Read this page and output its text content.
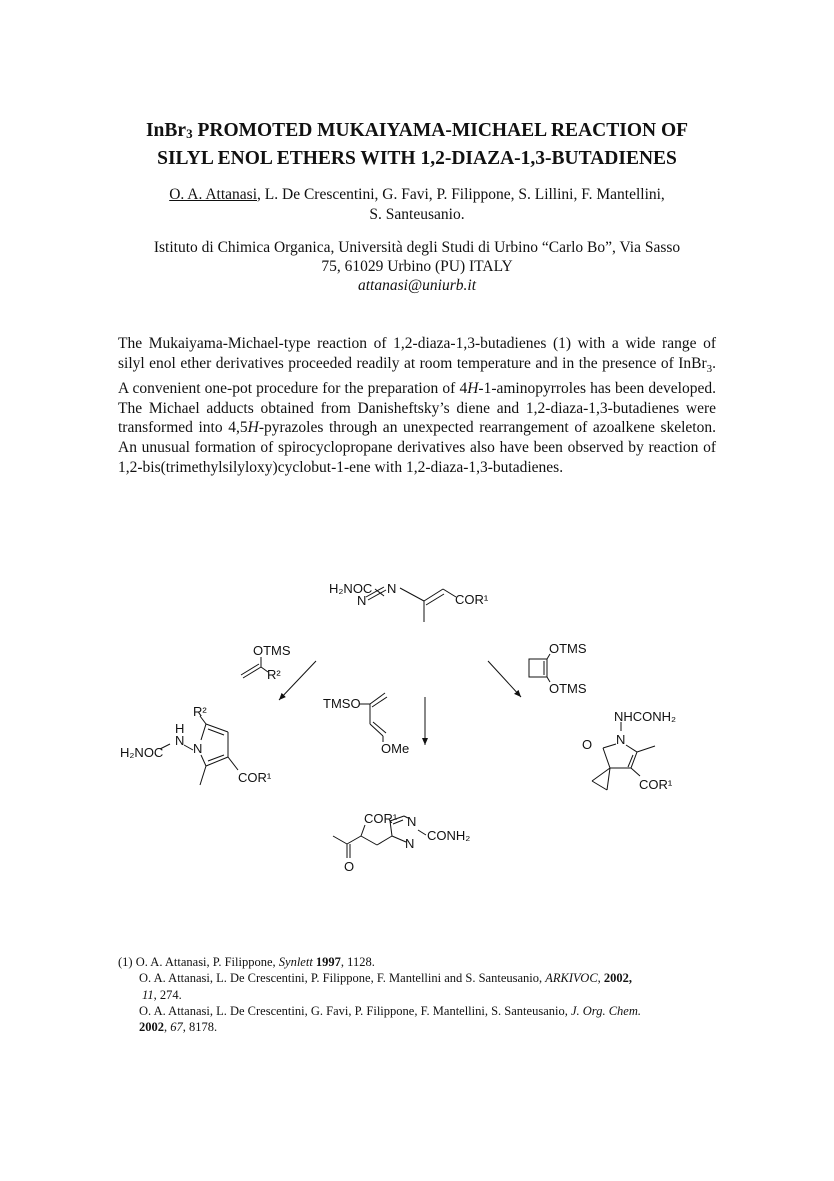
InBr$_3$ PROMOTED MUKAIYAMA-MICHAEL REACTION OF
SILYL ENOL ETHERS WITH 1,2-DIAZA-1,3-BUTADIENES
O. A. Attanasi, L. De Crescentini, G. Favi, P. Filippone, S. Lillini, F. Mantellini,
S. Santeusanio.
Istituto di Chimica Organica, Università degli Studi di Urbino “Carlo Bo”, Via Sasso
75, 61029 Urbino (PU) ITALY
attanasi@uniurb.it
The Mukaiyama-Michael-type reaction of 1,2-diaza-1,3-butadienes (1) with a wide range of silyl enol ether derivatives proceeded readily at room temperature and in the presence of InBr$_3$. A convenient one-pot procedure for the preparation of 4H-1-aminopyrroles has been developed. The Michael adducts obtained from Danisheftsky’s diene and 1,2-diaza-1,3-butadienes were transformed into 4,5H-pyrazoles through an unexpected rearrangement of azoalkene skeleton. An unusual formation of spirocyclopropane derivatives also have been observed by reaction of 1,2-bis(trimethylsilyloxy)cyclobut-1-ene with 1,2-diaza-1,3-butadienes.
H₂NOC
N
N
COR¹
OTMS
R²
TMSO
OMe
OTMS
OTMS
R²
H
N
H₂NOC N
COR¹
NHCONH₂
N
O
COR¹
COR¹ N
N
CONH₂
O
(1) O. A. Attanasi, P. Filippone, Synlett 1997, 1128.
O. A. Attanasi, L. De Crescentini, P. Filippone, F. Mantellini and S. Santeusanio, ARKIVOC, 2002,
11, 274.
O. A. Attanasi, L. De Crescentini, G. Favi, P. Filippone, F. Mantellini, S. Santeusanio, J. Org. Chem.
2002, 67, 8178.
